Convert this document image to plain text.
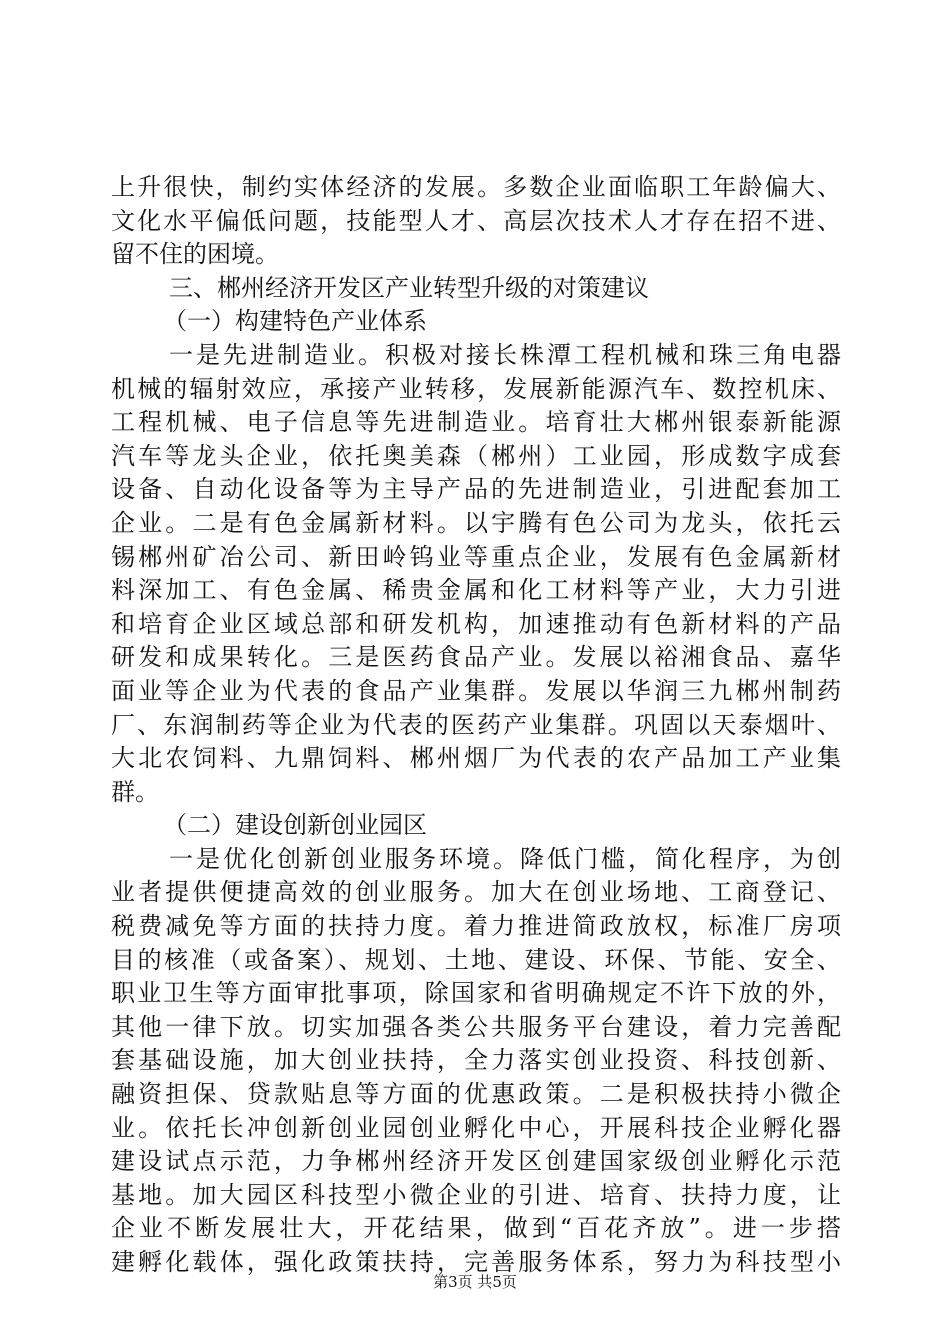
上升很快，制约实体经济的发展。多数企业面临职工年龄偏大、
文化水平偏低问题，技能型人才、高层次技术人才存在招不进、
留不住的困境。
三、郴州经济开发区产业转型升级的对策建议
（一）构建特色产业体系
一是先进制造业。积极对接长株潭工程机械和珠三角电器
机械的辐射效应，承接产业转移，发展新能源汽车、数控机床、
工程机械、电子信息等先进制造业。培育壮大郴州银泰新能源
汽车等龙头企业，依托奥美森（郴州）工业园，形成数字成套
设备、自动化设备等为主导产品的先进制造业，引进配套加工
企业。二是有色金属新材料。以宇腾有色公司为龙头，依托云
锡郴州矿冶公司、新田岭钨业等重点企业，发展有色金属新材
料深加工、有色金属、稀贵金属和化工材料等产业，大力引进
和培育企业区域总部和研发机构，加速推动有色新材料的产品
研发和成果转化。三是医药食品产业。发展以裕湘食品、嘉华
面业等企业为代表的食品产业集群。发展以华润三九郴州制药
厂、东润制药等企业为代表的医药产业集群。巩固以天泰烟叶、
大北农饲料、九鼎饲料、郴州烟厂为代表的农产品加工产业集
群。
（二）建设创新创业园区
一是优化创新创业服务环境。降低门槛，简化程序，为创
业者提供便捷高效的创业服务。加大在创业场地、工商登记、
税费减免等方面的扶持力度。着力推进简政放权，标准厂房项
目的核准（或备案）、规划、土地、建设、环保、节能、安全、
职业卫生等方面审批事项，除国家和省明确规定不许下放的外，
其他一律下放。切实加强各类公共服务平台建设，着力完善配
套基础设施，加大创业扶持，全力落实创业投资、科技创新、
融资担保、贷款贴息等方面的优惠政策。二是积极扶持小微企
业。依托长冲创新创业园创业孵化中心，开展科技企业孵化器
建设试点示范，力争郴州经济开发区创建国家级创业孵化示范
基地。加大园区科技型小微企业的引进、培育、扶持力度，让
企业不断发展壮大，开花结果，做到“百花齐放”。进一步搭
建孵化载体，强化政策扶持，完善服务体系，努力为科技型小
第3页 共5页
